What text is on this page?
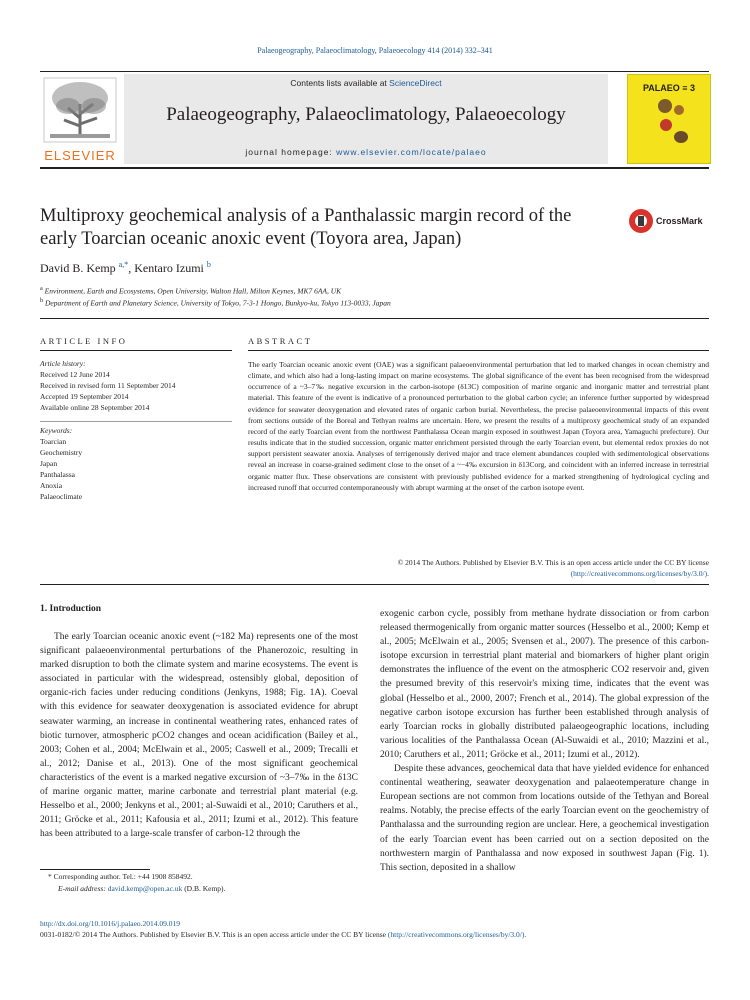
Palaeogeography, Palaeoclimatology, Palaeoecology 414 (2014) 332–341
ELSEVIER
Contents lists available at ScienceDirect
Palaeogeography, Palaeoclimatology, Palaeoecology
journal homepage: www.elsevier.com/locate/palaeo
PALAEO ≡ 3
Multiproxy geochemical analysis of a Panthalassic margin record of the early Toarcian oceanic anoxic event (Toyora area, Japan)
CrossMark
David B. Kemp $^{a,*}$, Kentaro Izumi $^b$
$^a$ Environment, Earth and Ecosystems, Open University, Walton Hall, Milton Keynes, MK7 6AA, UK
$^b$ Department of Earth and Planetary Science, University of Tokyo, 7-3-1 Hongo, Bunkyo-ku, Tokyo 113-0033, Japan
ARTICLE INFO
Article history:
Received 12 June 2014
Received in revised form 11 September 2014
Accepted 19 September 2014
Available online 28 September 2014
Keywords:
Toarcian
Geochemistry
Japan
Panthalassa
Anoxia
Palaeoclimate
ABSTRACT
The early Toarcian oceanic anoxic event (OAE) was a significant palaeoenvironmental perturbation that led to marked changes in ocean chemistry and climate, and which also had a long-lasting impact on marine ecosystems. The global significance of the event has been recognised from the widespread occurrence of a ~3–7‰ negative excursion in the carbon-isotope (δ13C) composition of marine organic and inorganic matter and terrestrial plant material. This feature of the event is indicative of a pronounced perturbation to the global carbon cycle; an inference further supported by widespread evidence for seawater deoxygenation and elevated rates of organic carbon burial. Nevertheless, the precise palaeoenvironmental impacts of this event from sections outside of the Boreal and Tethyan realms are uncertain. Here, we present the results of a multiproxy geochemical study of an expanded record of the early Toarcian event from the northwest Panthalassa Ocean margin exposed in southwest Japan (Toyora area, Yamaguchi prefecture). Our results indicate that in the studied succession, organic matter enrichment persisted through the early Toarcian event, but elemental redox proxies do not support persistent seawater anoxia. Analyses of terrigenously derived major and trace element abundances coupled with sedimentological observations reveal an increase in coarse-grained sediment close to the onset of a ~−4‰ excursion in δ13Corg, and coincident with an inferred increase in terrestrial organic matter flux. These observations are consistent with previously published evidence for a marked strengthening of hydrological cycling and increased runoff that occurred contemporaneously with abrupt warming at the onset of the carbon isotope event.
© 2014 The Authors. Published by Elsevier B.V. This is an open access article under the CC BY license
(http://creativecommons.org/licenses/by/3.0/).
1. Introduction

The early Toarcian oceanic anoxic event (~182 Ma) represents one of the most significant palaeoenvironmental perturbations of the Phanerozoic, resulting in marked disruption to both the climate system and marine ecosystems. The event is associated in particular with the widespread, ostensibly global, deposition of organic-rich facies under reducing conditions (Jenkyns, 1988; Fig. 1A). Coeval with this evidence for seawater deoxygenation is associated evidence for abrupt seawater warming, an increase in continental weathering rates, enhanced rates of biotic turnover, atmospheric pCO2 changes and ocean acidification (Bailey et al., 2003; Cohen et al., 2004; McElwain et al., 2005; Caswell et al., 2009; Trecalli et al., 2012; Danise et al., 2013). One of the most significant geochemical characteristics of the event is a marked negative excursion of ~3–7‰ in the δ13C of marine organic matter, marine carbonate and terrestrial plant material (e.g. Hesselbo et al., 2000; Jenkyns et al., 2001; al-Suwaidi et al., 2010; Caruthers et al., 2011; Gröcke et al., 2011; Kafousia et al., 2011; Izumi et al., 2012). This feature has been attributed to a large-scale transfer of carbon-12 through the

exogenic carbon cycle, possibly from methane hydrate dissociation or from carbon released thermogenically from organic matter sources (Hesselbo et al., 2000; Kemp et al., 2005; McElwain et al., 2005; Svensen et al., 2007). The presence of this carbon-isotope excursion in terrestrial plant material and biomarkers of higher plant origin demonstrates the influence of the event on the atmospheric CO2 reservoir and, given the presumed brevity of this reservoir's mixing time, indicates that the event was global (Hesselbo et al., 2000, 2007; French et al., 2014). The global expression of the negative carbon isotope excursion has further been established through analysis of early Toarcian rocks in globally distributed palaeogeographic locations, including various localities of the Panthalassa Ocean (Al-Suwaidi et al., 2010; Mazzini et al., 2010; Caruthers et al., 2011; Gröcke et al., 2011; Izumi et al., 2012).

Despite these advances, geochemical data that have yielded evidence for enhanced continental weathering, seawater deoxygenation and palaeotemperature change in European sections are not common from locations outside of the Tethyan and Boreal realms. Notably, the precise effects of the early Toarcian event on the geochemistry of Panthalassa and the surrounding region are unclear. Here, a geochemical investigation of the early Toarcian event has been carried out on a section deposited on the northwestern margin of Panthalassa and now exposed in southwest Japan (Fig. 1). This section, deposited in a shallow

* Corresponding author. Tel.: +44 1908 858492.
E-mail address: david.kemp@open.ac.uk (D.B. Kemp).
http://dx.doi.org/10.1016/j.palaeo.2014.09.019
0031-0182/© 2014 The Authors. Published by Elsevier B.V. This is an open access article under the CC BY license (http://creativecommons.org/licenses/by/3.0/).
